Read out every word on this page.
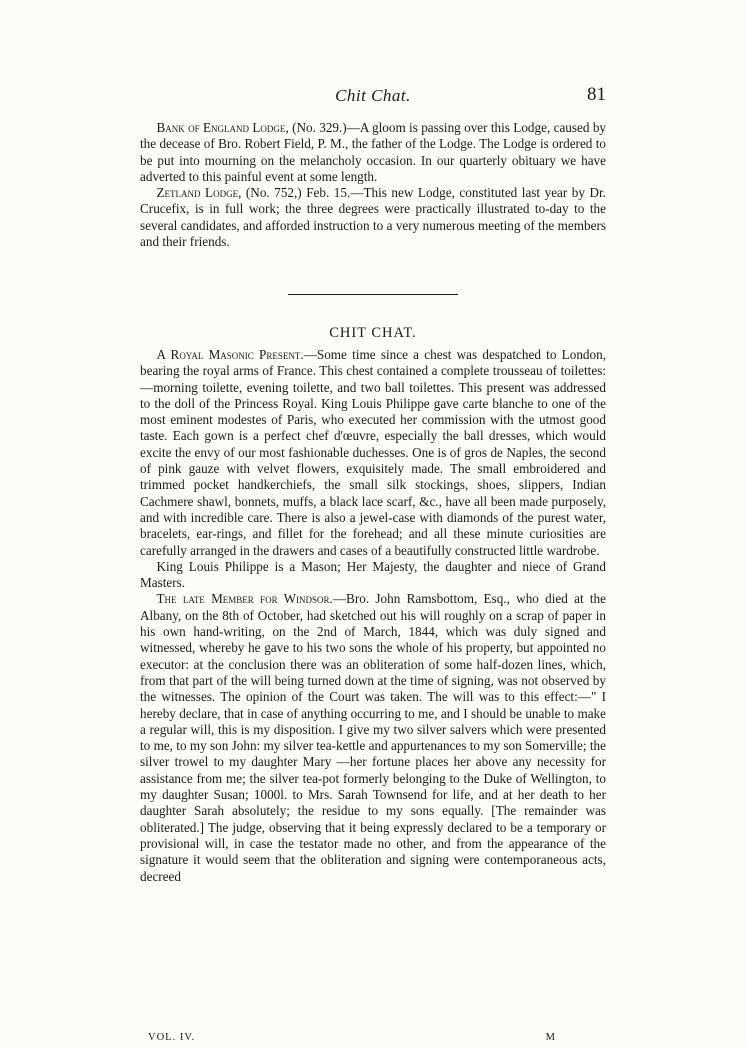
Chit Chat.	81

Bank of England Lodge, (No. 329.)—A gloom is passing over this Lodge, caused by the decease of Bro. Robert Field, P. M., the father of the Lodge. The Lodge is ordered to be put into mourning on the melancholy occasion. In our quarterly obituary we have adverted to this painful event at some length.

Zetland Lodge, (No. 752,) Feb. 15.—This new Lodge, constituted last year by Dr. Crucefix, is in full work; the three degrees were practically illustrated to-day to the several candidates, and afforded instruction to a very numerous meeting of the members and their friends.

CHIT CHAT.

A Royal Masonic Present.—Some time since a chest was despatched to London, bearing the royal arms of France. This chest contained a complete trousseau of toilettes:—morning toilette, evening toilette, and two ball toilettes. This present was addressed to the doll of the Princess Royal. King Louis Philippe gave carte blanche to one of the most eminent modestes of Paris, who executed her commission with the utmost good taste. Each gown is a perfect chef d'œuvre, especially the ball dresses, which would excite the envy of our most fashionable duchesses. One is of gros de Naples, the second of pink gauze with velvet flowers, exquisitely made. The small embroidered and trimmed pocket handkerchiefs, the small silk stockings, shoes, slippers, Indian Cachmere shawl, bonnets, muffs, a black lace scarf, &c., have all been made purposely, and with incredible care. There is also a jewel-case with diamonds of the purest water, bracelets, ear-rings, and fillet for the forehead; and all these minute curiosities are carefully arranged in the drawers and cases of a beautifully constructed little wardrobe.

King Louis Philippe is a Mason; Her Majesty, the daughter and niece of Grand Masters.

The late Member for Windsor.—Bro. John Ramsbottom, Esq., who died at the Albany, on the 8th of October, had sketched out his will roughly on a scrap of paper in his own hand-writing, on the 2nd of March, 1844, which was duly signed and witnessed, whereby he gave to his two sons the whole of his property, but appointed no executor: at the conclusion there was an obliteration of some half-dozen lines, which, from that part of the will being turned down at the time of signing, was not observed by the witnesses. The opinion of the Court was taken. The will was to this effect:—" I hereby declare, that in case of anything occurring to me, and I should be unable to make a regular will, this is my disposition. I give my two silver salvers which were presented to me, to my son John: my silver tea-kettle and appurtenances to my son Somerville; the silver trowel to my daughter Mary —her fortune places her above any necessity for assistance from me; the silver tea-pot formerly belonging to the Duke of Wellington, to my daughter Susan; 1000l. to Mrs. Sarah Townsend for life, and at her death to her daughter Sarah absolutely; the residue to my sons equally. [The remainder was obliterated.] The judge, observing that it being expressly declared to be a temporary or provisional will, in case the testator made no other, and from the appearance of the signature it would seem that the obliteration and signing were contemporaneous acts, decreed

VOL. IV.	M
